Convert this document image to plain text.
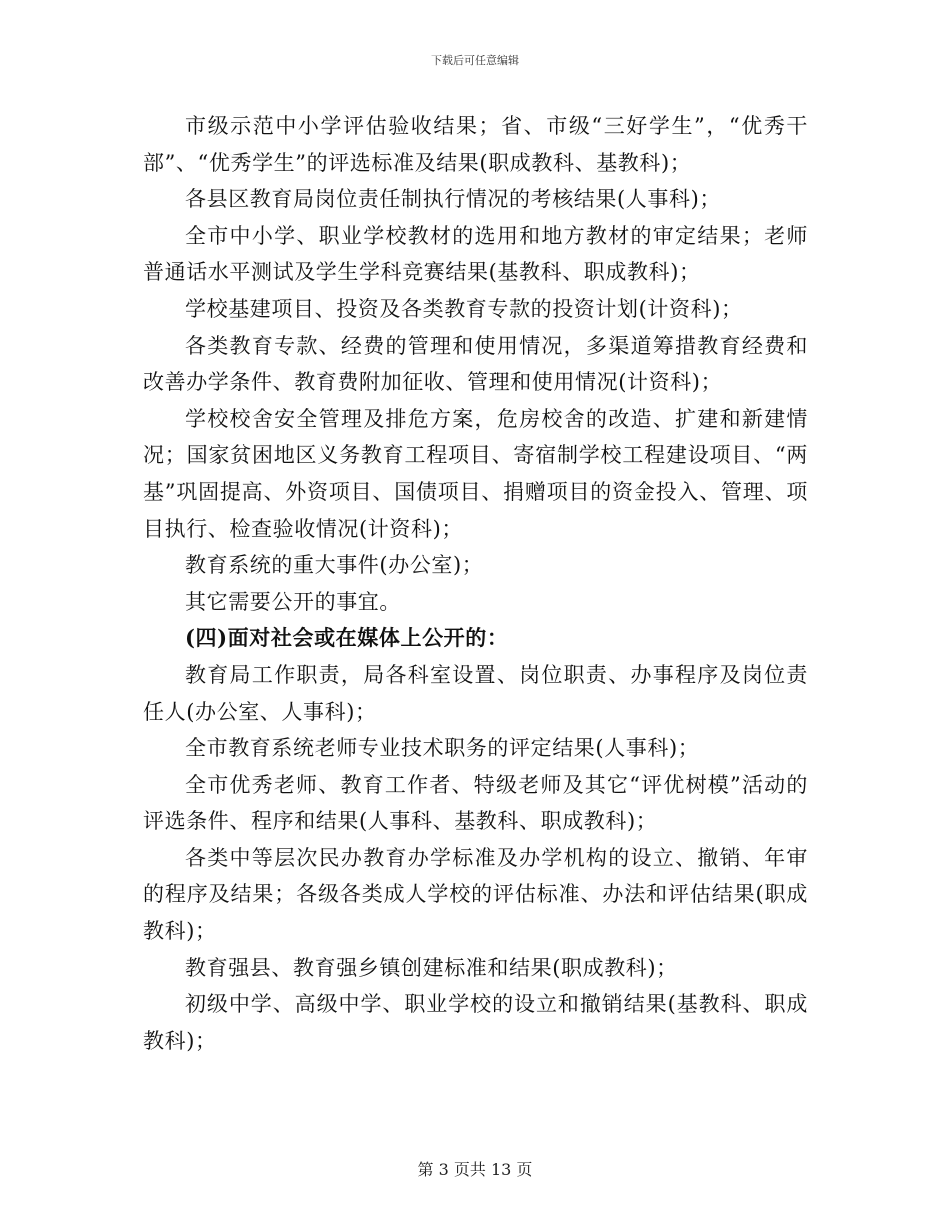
下载后可任意编辑

市级示范中小学评估验收结果；省、市级“三好学生”，“优秀干部”、“优秀学生”的评选标准及结果(职成教科、基教科)；

各县区教育局岗位责任制执行情况的考核结果(人事科)；

全市中小学、职业学校教材的选用和地方教材的审定结果；老师普通话水平测试及学生学科竞赛结果(基教科、职成教科)；

学校基建项目、投资及各类教育专款的投资计划(计资科)；

各类教育专款、经费的管理和使用情况，多渠道筹措教育经费和改善办学条件、教育费附加征收、管理和使用情况(计资科)；

学校校舍安全管理及排危方案，危房校舍的改造、扩建和新建情况；国家贫困地区义务教育工程项目、寄宿制学校工程建设项目、“两基”巩固提高、外资项目、国债项目、捐赠项目的资金投入、管理、项目执行、检查验收情况(计资科)；

教育系统的重大事件(办公室)；

其它需要公开的事宜。

(四)面对社会或在媒体上公开的：

教育局工作职责，局各科室设置、岗位职责、办事程序及岗位责任人(办公室、人事科)；

全市教育系统老师专业技术职务的评定结果(人事科)；

全市优秀老师、教育工作者、特级老师及其它“评优树模”活动的评选条件、程序和结果(人事科、基教科、职成教科)；

各类中等层次民办教育办学标准及办学机构的设立、撤销、年审的程序及结果；各级各类成人学校的评估标准、办法和评估结果(职成教科)；

教育强县、教育强乡镇创建标准和结果(职成教科)；

初级中学、高级中学、职业学校的设立和撤销结果(基教科、职成教科)；

第 3 页共 13 页
